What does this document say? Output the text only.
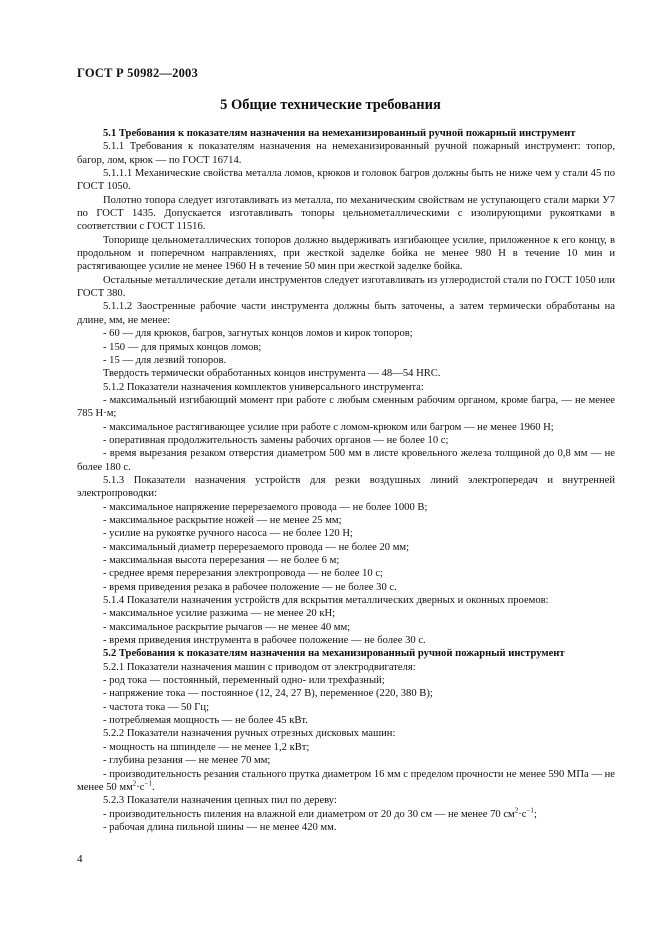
ГОСТ Р 50982—2003
5 Общие технические требования

5.1 Требования к показателям назначения на немеханизированный ручной пожарный инструмент

5.1.1 Требования к показателям назначения на немеханизированный ручной пожарный инструмент: топор, багор, лом, крюк — по ГОСТ 16714.

5.1.1.1 Механические свойства металла ломов, крюков и головок багров должны быть не ниже чем у стали 45 по ГОСТ 1050.

Полотно топора следует изготавливать из металла, по механическим свойствам не уступающего стали марки У7 по ГОСТ 1435. Допускается изготавливать топоры цельнометаллическими с изолирующими рукоятками в соответствии с ГОСТ 11516.

Топорище цельнометаллических топоров должно выдерживать изгибающее усилие, приложенное к его концу, в продольном и поперечном направлениях, при жесткой заделке бойка не менее 980 Н в течение 10 мин и растягивающее усилие не менее 1960 Н в течение 50 мин при жесткой заделке бойка.

Остальные металлические детали инструментов следует изготавливать из углеродистой стали по ГОСТ 1050 или ГОСТ 380.

5.1.1.2 Заостренные рабочие части инструмента должны быть заточены, а затем термически обработаны на длине, мм, не менее:

- 60 — для крюков, багров, загнутых концов ломов и кирок топоров;

- 150 — для прямых концов ломов;

- 15 — для лезвий топоров.

Твердость термически обработанных концов инструмента — 48—54 HRC.

5.1.2 Показатели назначения комплектов универсального инструмента:

- максимальный изгибающий момент при работе с любым сменным рабочим органом, кроме багра, — не менее 785 Н·м;

- максимальное растягивающее усилие при работе с ломом-крюком или багром — не менее 1960 Н;

- оперативная продолжительность замены рабочих органов — не более 10 с;

- время вырезания резаком отверстия диаметром 500 мм в листе кровельного железа толщиной до 0,8 мм — не более 180 с.

5.1.3 Показатели назначения устройств для резки воздушных линий электропередач и внутренней электропроводки:

- максимальное напряжение перерезаемого провода — не более 1000 В;

- максимальное раскрытие ножей — не менее 25 мм;

- усилие на рукоятке ручного насоса — не более 120 Н;

- максимальный диаметр перерезаемого провода — не более 20 мм;

- максимальная высота перерезания — не более 6 м;

- среднее время перерезания электропровода — не более 10 с;

- время приведения резака в рабочее положение — не более 30 с.

5.1.4 Показатели назначения устройств для вскрытия металлических дверных и оконных проемов:

- максимальное усилие разжима — не менее 20 кН;

- максимальное раскрытие рычагов — не менее 40 мм;

- время приведения инструмента в рабочее положение — не более 30 с.

5.2 Требования к показателям назначения на механизированный ручной пожарный инструмент

5.2.1 Показатели назначения машин с приводом от электродвигателя:

- род тока — постоянный, переменный одно- или трехфазный;

- напряжение тока — постоянное (12, 24, 27 В), переменное (220, 380 В);

- частота тока — 50 Гц;

- потребляемая мощность — не более 45 кВт.

5.2.2 Показатели назначения ручных отрезных дисковых машин:

- мощность на шпинделе — не менее 1,2 кВт;

- глубина резания — не менее 70 мм;

- производительность резания стального прутка диаметром 16 мм с пределом прочности не менее 590 МПа — не менее 50 $мм^2\cdot с^{-1}$.

5.2.3 Показатели назначения цепных пил по дереву:

- производительность пиления на влажной ели диаметром от 20 до 30 см — не менее 70 $см^2\cdot с^{-1}$;

- рабочая длина пильной шины — не менее 420 мм.

4
